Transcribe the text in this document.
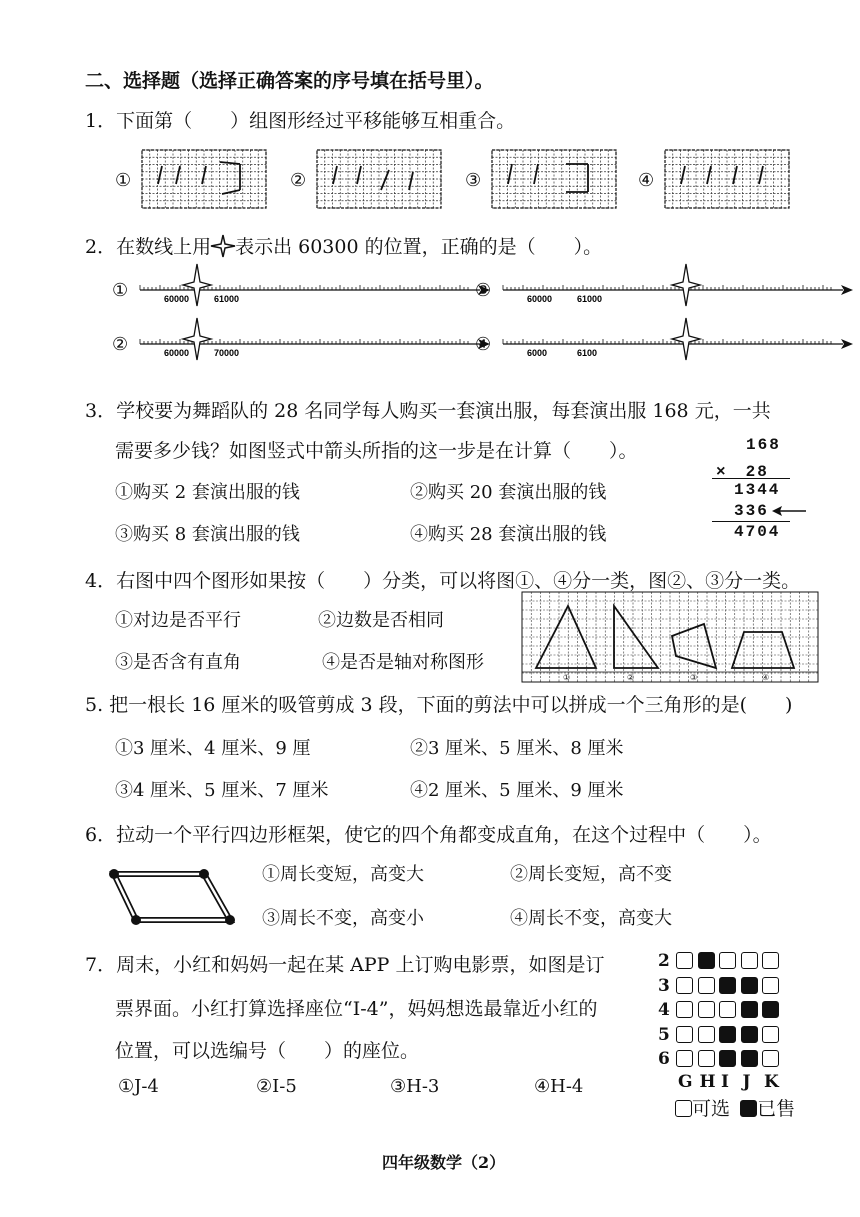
二、选择题（选择正确答案的序号填在括号里）。
1．下面第（　　）组图形经过平移能够互相重合。
①	②	③	④
2．在数线上用 表示出 60300 的位置，正确的是（　　）。
①	60000	61000
②	60000	70000
③	60000	61000
④	6000	6100
3．学校要为舞蹈队的 28 名同学每人购买一套演出服，每套演出服 168 元，一共
需要多少钱？如图竖式中箭头所指的这一步是在计算（　　）。
①购买 2 套演出服的钱	②购买 20 套演出服的钱
③购买 8 套演出服的钱	④购买 28 套演出服的钱
168
×　28
1344
336
4704
4．右图中四个图形如果按（　　）分类，可以将图①、④分一类，图②、③分一类。
①对边是否平行	②边数是否相同
③是否含有直角	④是否是轴对称图形
①	②	③	④
5. 把一根长 16 厘米的吸管剪成 3 段，下面的剪法中可以拼成一个三角形的是(　　)
①3 厘米、4 厘米、9 厘	②3 厘米、5 厘米、8 厘米
③4 厘米、5 厘米、7 厘米	④2 厘米、5 厘米、9 厘米
6．拉动一个平行四边形框架，使它的四个角都变成直角，在这个过程中（　　）。
①周长变短，高变大	②周长变短，高不变
③周长不变，高变小	④周长不变，高变大
7．周末，小红和妈妈一起在某 APP 上订购电影票，如图是订
票界面。小红打算选择座位“I-4”，妈妈想选最靠近小红的
位置，可以选编号（　　）的座位。
①J-4	②I-5	③H-3	④H-4
2
3
4
5
6
G H I J K
可选 已售
四年级数学（2）
